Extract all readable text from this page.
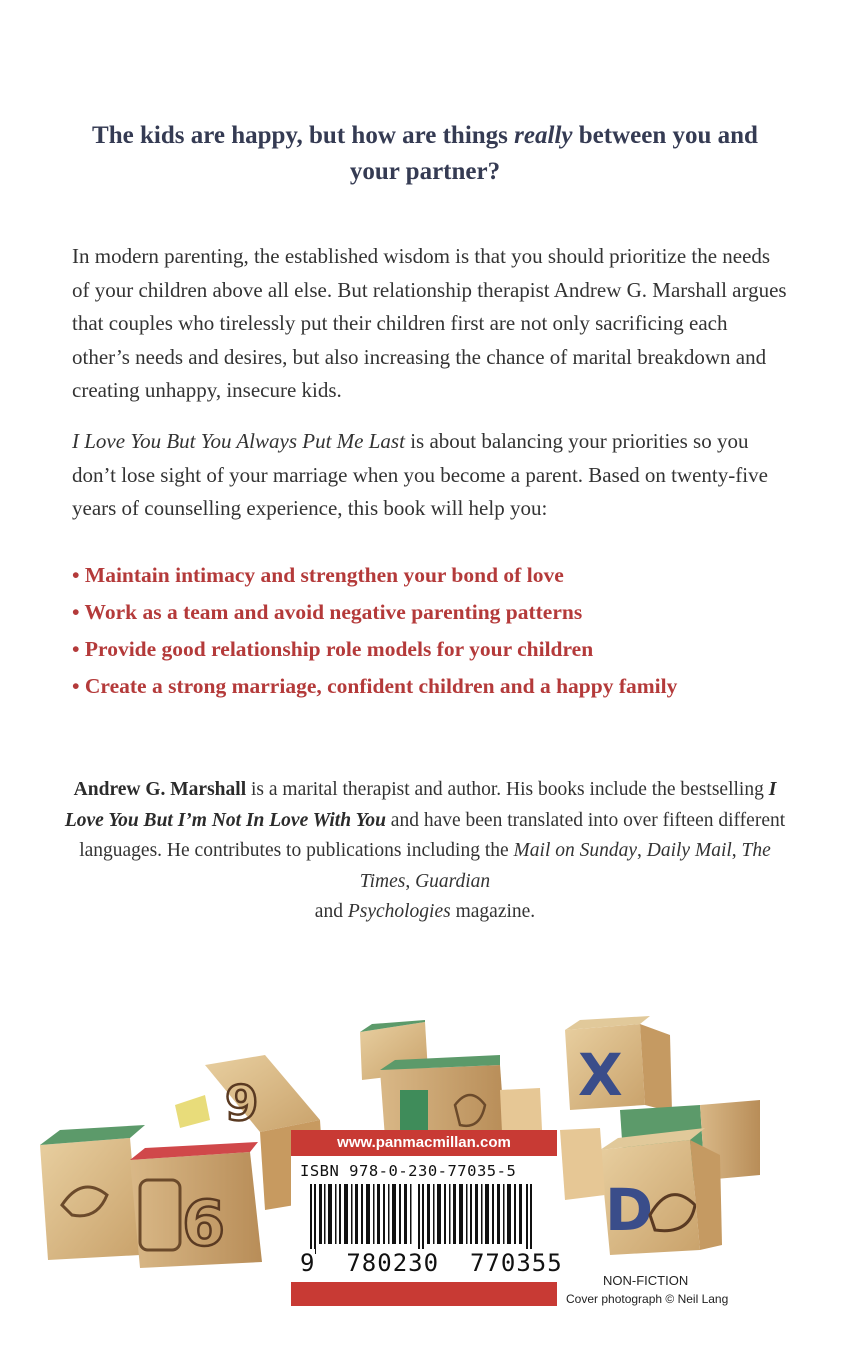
The kids are happy, but how are things really between you and your partner?
In modern parenting, the established wisdom is that you should prioritize the needs of your children above all else. But relationship therapist Andrew G. Marshall argues that couples who tirelessly put their children first are not only sacrificing each other’s needs and desires, but also increasing the chance of marital breakdown and creating unhappy, insecure kids.
I Love You But You Always Put Me Last is about balancing your priorities so you don’t lose sight of your marriage when you become a parent. Based on twenty-five years of counselling experience, this book will help you:
• Maintain intimacy and strengthen your bond of love
• Work as a team and avoid negative parenting patterns
• Provide good relationship role models for your children
• Create a strong marriage, confident children and a happy family
Andrew G. Marshall is a marital therapist and author. His books include the bestselling I Love You But I’m Not In Love With You and have been translated into over fifteen different languages. He contributes to publications including the Mail on Sunday, Daily Mail, The Times, Guardian
and Psychologies magazine.
6
9	X
D
www.panmacmillan.com
ISBN 978-0-230-77035-5
9 780230 770355
NON-FICTION
Cover photograph © Neil Lang
